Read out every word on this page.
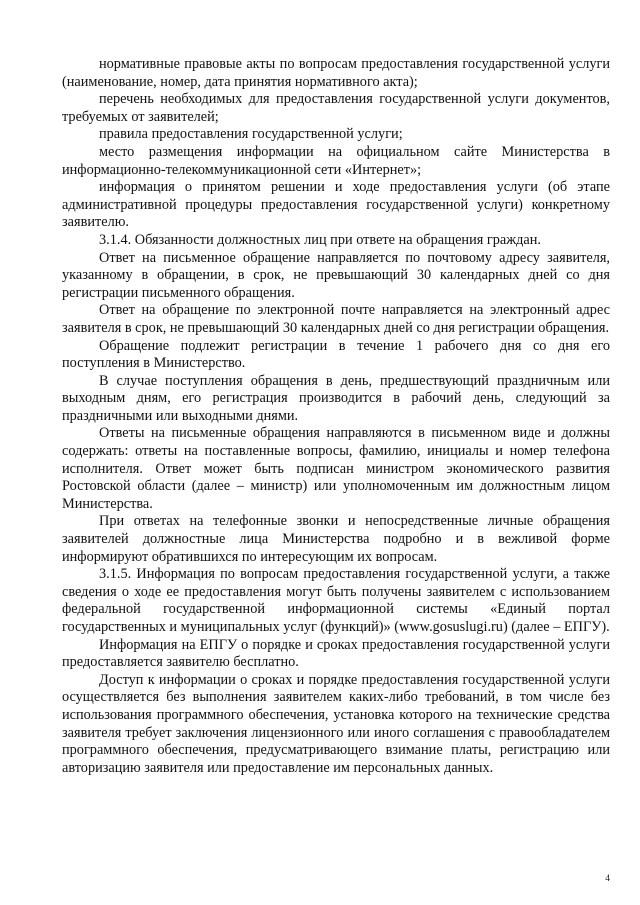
нормативные правовые акты по вопросам предоставления государственной услуги (наименование, номер, дата принятия нормативного акта);

перечень необходимых для предоставления государственной услуги документов, требуемых от заявителей;

правила предоставления государственной услуги;

место размещения информации на официальном сайте Министерства в информационно-телекоммуникационной сети «Интернет»;

информация о принятом решении и ходе предоставления услуги (об этапе административной процедуры предоставления государственной услуги) конкретному заявителю.

3.1.4. Обязанности должностных лиц при ответе на обращения граждан.

Ответ на письменное обращение направляется по почтовому адресу заявителя, указанному в обращении, в срок, не превышающий 30 календарных дней со дня регистрации письменного обращения.

Ответ на обращение по электронной почте направляется на электронный адрес заявителя в срок, не превышающий 30 календарных дней со дня регистрации обращения.

Обращение подлежит регистрации в течение 1 рабочего дня со дня его поступления в Министерство.

В случае поступления обращения в день, предшествующий праздничным или выходным дням, его регистрация производится в рабочий день, следующий за праздничными или выходными днями.

Ответы на письменные обращения направляются в письменном виде и должны содержать: ответы на поставленные вопросы, фамилию, инициалы и номер телефона исполнителя. Ответ может быть подписан министром экономического развития Ростовской области (далее – министр) или уполномоченным им должностным лицом Министерства.

При ответах на телефонные звонки и непосредственные личные обращения заявителей должностные лица Министерства подробно и в вежливой форме информируют обратившихся по интересующим их вопросам.

3.1.5. Информация по вопросам предоставления государственной услуги, а также сведения о ходе ее предоставления могут быть получены заявителем с использованием федеральной государственной информационной системы «Единый портал государственных и муниципальных услуг (функций)» (www.gosuslugi.ru) (далее – ЕПГУ).

Информация на ЕПГУ о порядке и сроках предоставления государственной услуги предоставляется заявителю бесплатно.

Доступ к информации о сроках и порядке предоставления государственной услуги осуществляется без выполнения заявителем каких-либо требований, в том числе без использования программного обеспечения, установка которого на технические средства заявителя требует заключения лицензионного или иного соглашения с правообладателем программного обеспечения, предусматривающего взимание платы, регистрацию или авторизацию заявителя или предоставление им персональных данных.

4
